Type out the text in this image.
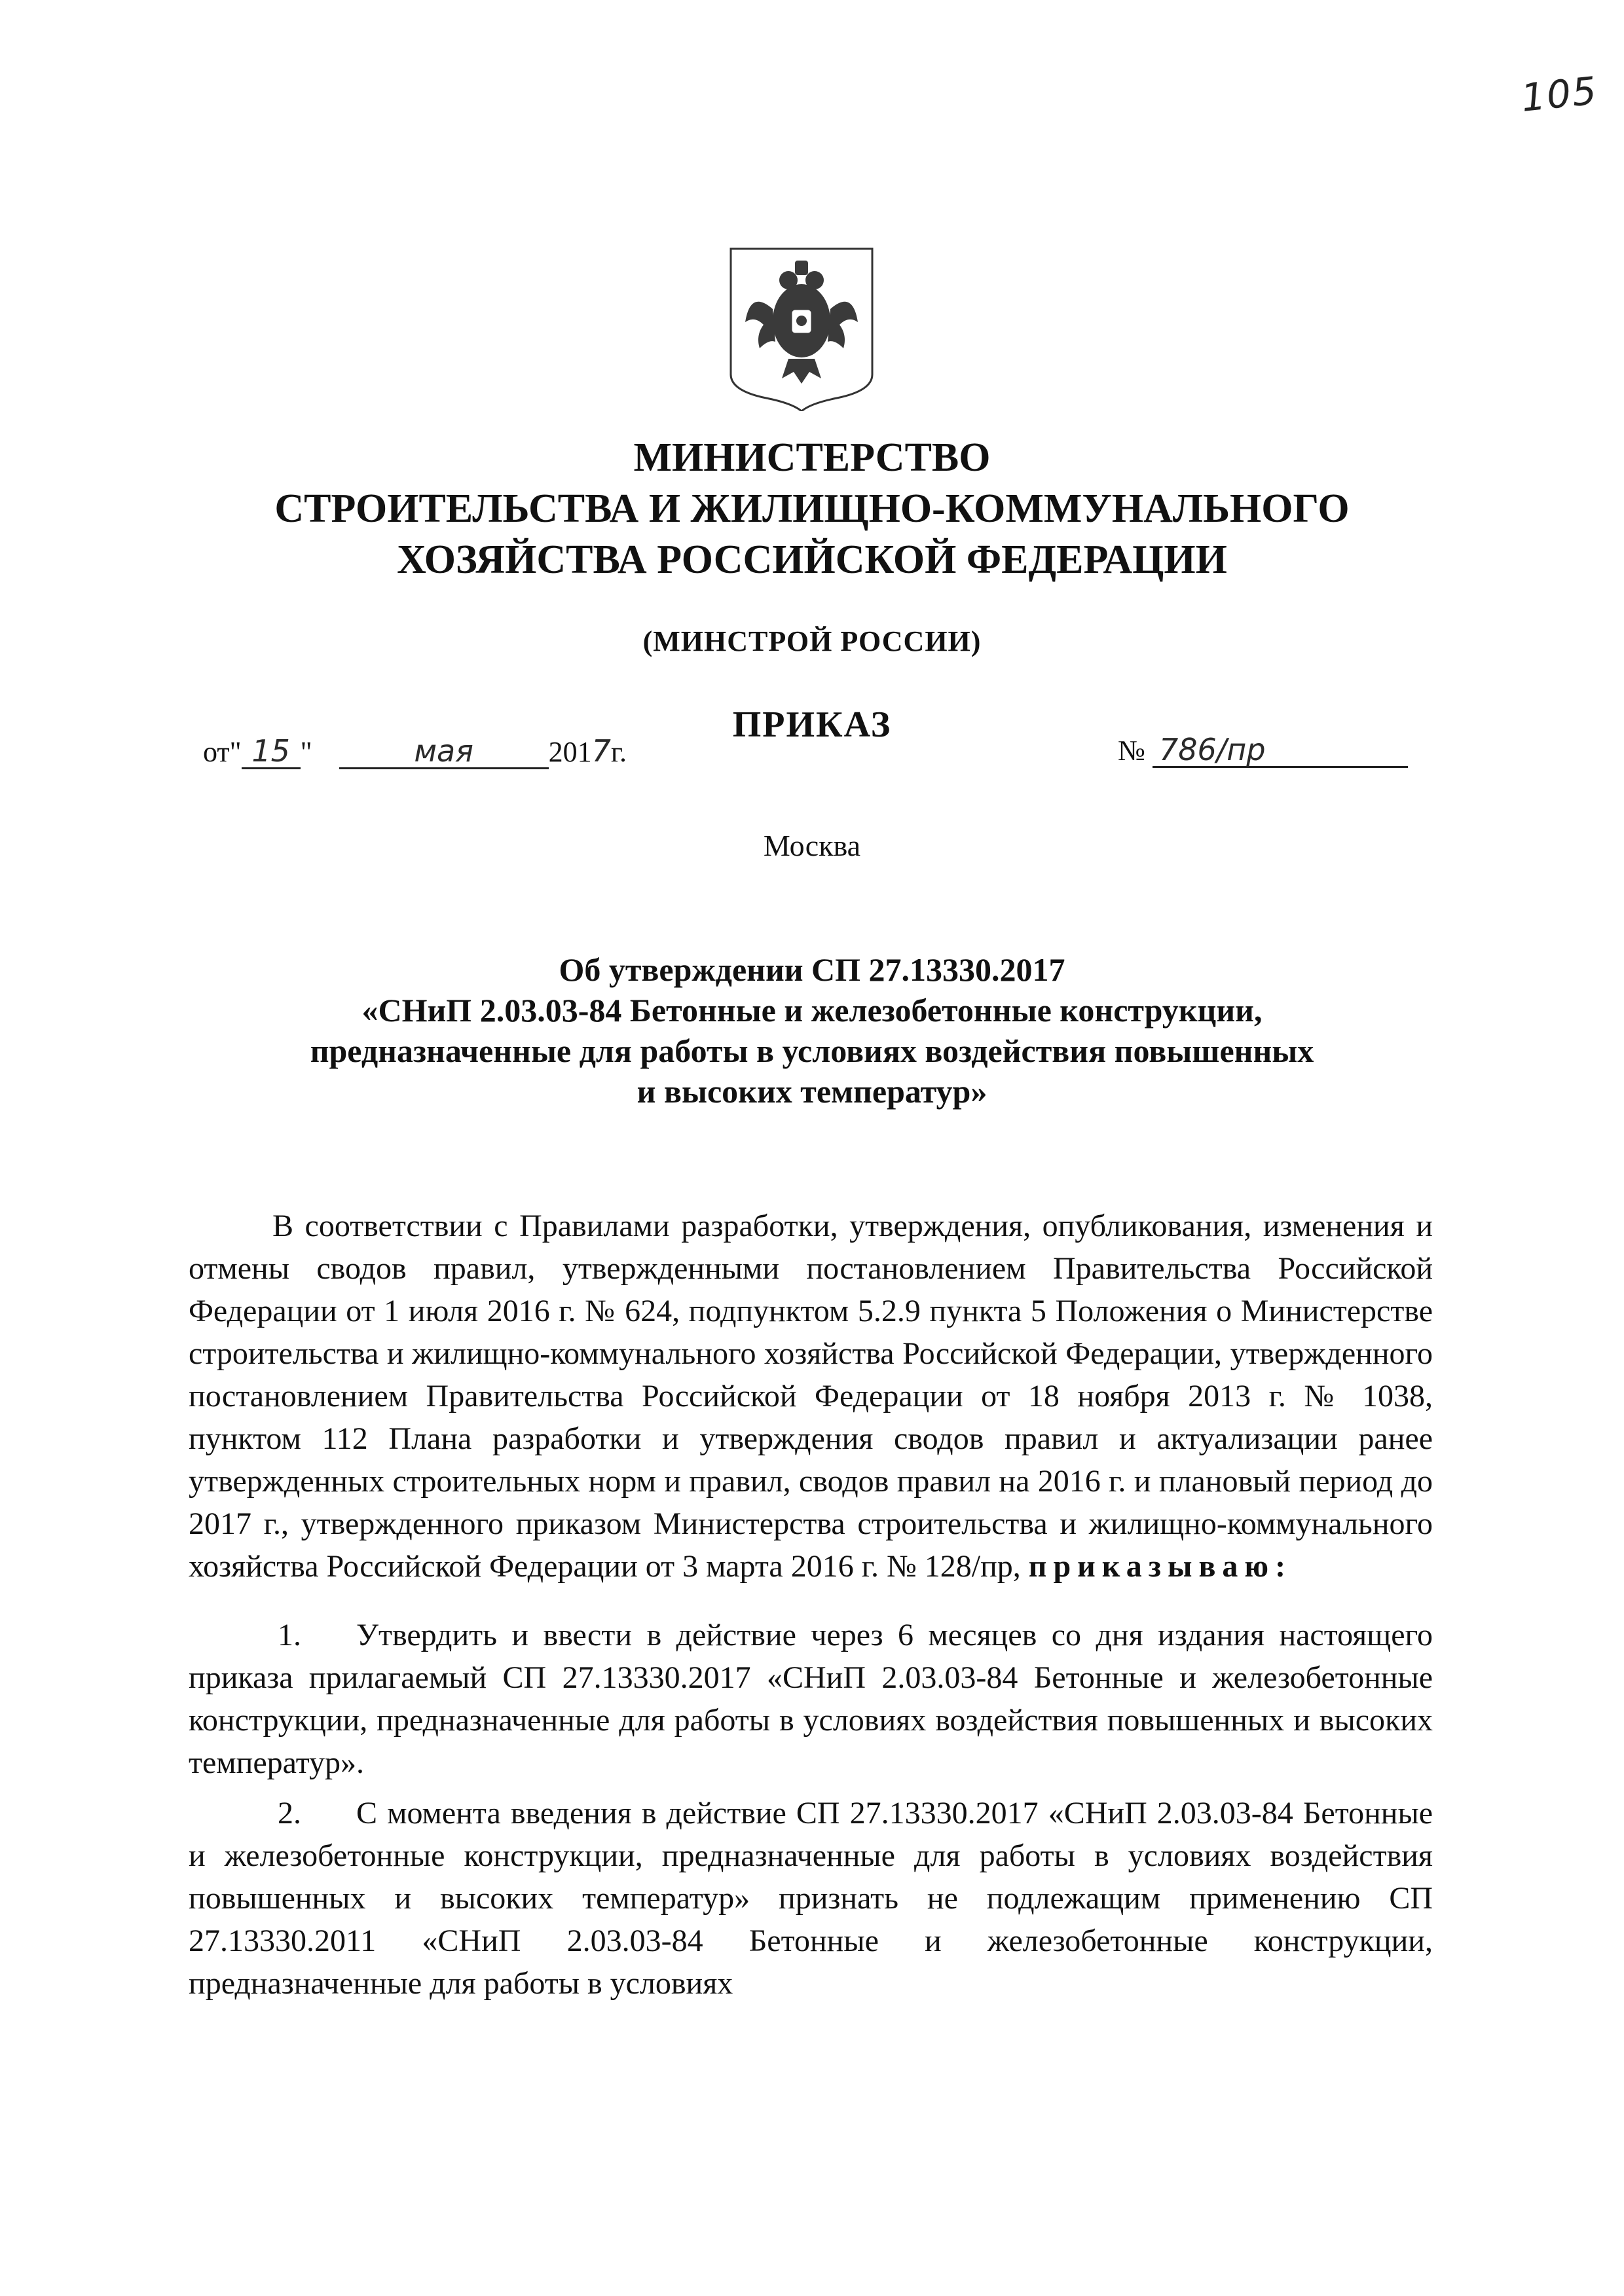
105

МИНИСТЕРСТВО

СТРОИТЕЛЬСТВА И ЖИЛИЩНО-КОММУНАЛЬНОГО

ХОЗЯЙСТВА РОССИЙСКОЙ ФЕДЕРАЦИИ

(МИНСТРОЙ РОССИИ)
ПРИКАЗ
от" 15 "	мая	2017г.	№ 786/пр
Москва
Об утверждении СП 27.13330.2017
«СНиП 2.03.03-84 Бетонные и железобетонные конструкции,
предназначенные для работы в условиях воздействия повышенных
и высоких температур»

В соответствии с Правилами разработки, утверждения, опубликования, изменения и отмены сводов правил, утвержденными постановлением Правительства Российской Федерации от 1 июля 2016 г. № 624, подпунктом 5.2.9 пункта 5 Положения о Министерстве строительства и жилищно-коммунального хозяйства Российской Федерации, утвержденного постановлением Правительства Российской Федерации от 18 ноября 2013 г. № 1038, пунктом 112 Плана разработки и утверждения сводов правил и актуализации ранее утвержденных строительных норм и правил, сводов правил на 2016 г. и плановый период до 2017 г., утвержденного приказом Министерства строительства и жилищно-коммунального хозяйства Российской Федерации от 3 марта 2016 г. № 128/пр, приказываю:

1. Утвердить и ввести в действие через 6 месяцев со дня издания настоящего приказа прилагаемый СП 27.13330.2017 «СНиП 2.03.03-84 Бетонные и железобетонные конструкции, предназначенные для работы в условиях воздействия повышенных и высоких температур».

2. С момента введения в действие СП 27.13330.2017 «СНиП 2.03.03-84 Бетонные и железобетонные конструкции, предназначенные для работы в условиях воздействия повышенных и высоких температур» признать не подлежащим применению СП 27.13330.2011 «СНиП 2.03.03-84 Бетонные и железобетонные конструкции, предназначенные для работы в условиях
